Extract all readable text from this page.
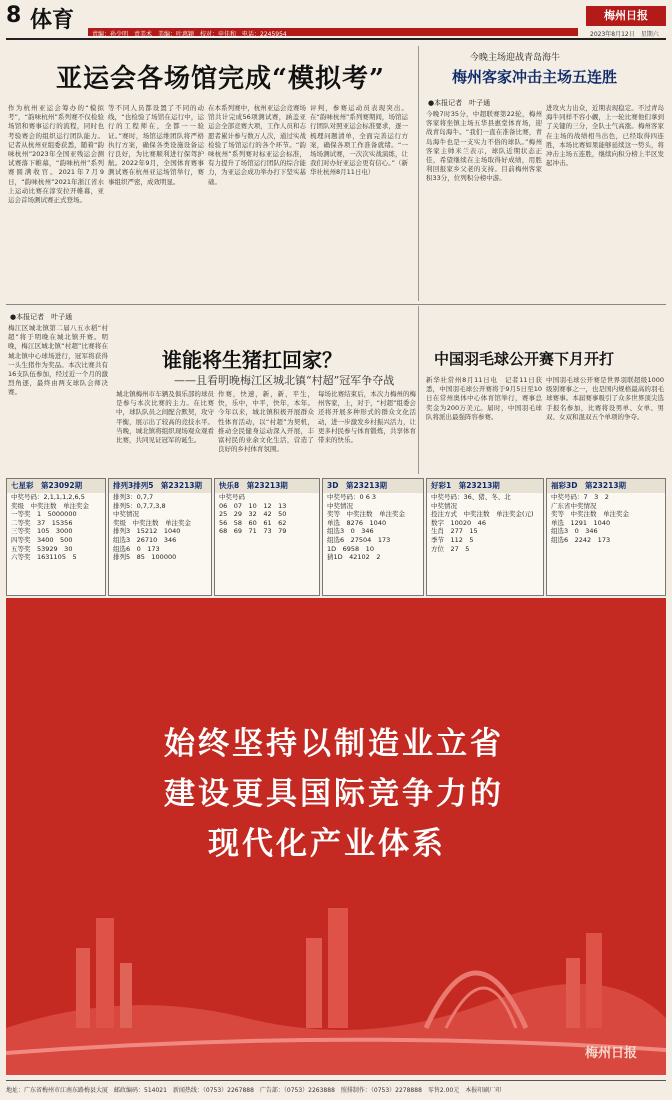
8 体育
责编：孙少明　责美术　美编：叶惠颖　校对：申佳和　电话：2245954
梅州日报
2023年8月12日　星期六
亚运会各场馆完成“模拟考”
作为杭州亚运会筹办的“模拟考”，“韵味杭州”系列赛不仅检验场馆和赛事运行的流程，同时也考验赛会的组织运行团队能力。记者从杭州亚组委获悉，随着“韵味杭州”2023年全国亚残运会测试赛落下帷幕，“韵味杭州”系列赛圆满收官。2021年7月9日，“韵味杭州”2021年浙江省水上运动比赛在淳安拉开帷幕，亚运会首场测试赛正式登场。
等不同人员都设置了不同的动线，“也检验了场馆在运行中，运行的工程师在，全都一一验证。”赛时，场馆运维团队将严格执行方案，确保各类设施设备运行良好，为比赛顺利进行保驾护航。2022年9月，全国体育赛事测试赛在杭州亚运场馆举行，赛事组织严密，成效明显。
在本系列赛中，杭州亚运会竞赛场馆共计完成56项测试赛，涵盖亚运会全部竞赛大项，工作人员和志愿者累计参与数万人次，通过实战检验了场馆运行的各个环节。“韵味杭州”系列赛对标亚运会标准，有力提升了场馆运行团队的综合能力，为亚运会成功举办打下坚实基础。
评判，参赛运动员表现突出。在“韵味杭州”系列赛期间，场馆运行团队对照亚运会标准要求，逐一梳理问题清单，全面完善运行方案，确保各项工作准备就绪。“一场场测试赛，一次次实战演练，让我们对办好亚运会更有信心。”（新华社杭州8月11日电）
今晚主场迎战青岛海牛
梅州客家冲击主场五连胜
●本报记者　叶子通
今晚7时35分，中超联赛第22轮，梅州客家将坐镇主场五华县惠堂体育场，迎战青岛海牛。“我们一直在准备比赛，青岛海牛也是一支实力不俗的球队。”梅州客家主帅米兰表示，球队近期状态正佳，希望继续在主场取得好成绩，用胜利回报家乡父老的支持。目前梅州客家积33分，位列积分榜中游。
进攻火力出众，近期表现稳定。不过青岛海牛同样不容小觑，上一轮比赛他们拿到了关键的三分，全队士气高涨。梅州客家在主场的战绩相当出色，已经取得四连胜，本场比赛如果能够延续这一势头，将冲击主场五连胜，继续向积分榜上半区发起冲击。
●本报记者　叶子通
谁能将生猪扛回家？
——且看明晚梅江区城北镇“村超”冠军争夺战
梅江区城北镇第二届八五水稻“村超”将于明晚在城北镇开赛。明晚，梅江区城北镇“村超”比赛将在城北镇中心球场进行，冠军将获得一头生猪作为奖品。本次比赛共有16支队伍参加，经过近一个月的激烈角逐，最终由两支球队会师决赛。	城北镇梅州市车辆及俱乐部的球员是参与本次比赛的主力。在比赛中，球队队员之间配合默契，攻守平衡，展示出了较高的竞技水平。当晚，城北镇将组织现场观众观看比赛，共同见证冠军的诞生。
作赛，快速，新，新，平生，快，乐中，中平，快年，本年。今年以来，城北镇积极开展群众性体育活动，以“村超”为契机，推动全民健身运动深入开展，丰富村民的业余文化生活，营造了良好的乡村体育氛围。
每场比赛结束后，本次力梅州的梅州客家，上，对于，“村超”组委会还将开展多种形式的群众文化活动，进一步激发乡村振兴活力，让更多村民参与体育锻炼，共享体育带来的快乐。
中国羽毛球公开赛下月开打
新华社常州8月11日电　记者11日获悉，中国羽毛球公开赛将于9月5日至10日在常州奥体中心体育馆举行，赛事总奖金为200万美元。届时，中国羽毛球队将派出最强阵容参赛。
中国羽毛球公开赛是世界羽联超级1000级别赛事之一，也是国内规格最高的羽毛球赛事。本届赛事吸引了众多世界顶尖选手报名参加，比赛将设男单、女单、男双、女双和混双五个单项的争夺。
七星彩　第23092期
中奖号码：2,1,1,1,2,6,5
奖级　中奖注数　单注奖金
一等奖　1　5000000
二等奖　37　15356
三等奖　105　3000
四等奖　3400　500
五等奖　53929　30
六等奖　1631105　5
排列3排列5　第23213期
排列3：0,7,7
排列5：0,7,7,3,8
中奖情况
奖级　中奖注数　单注奖金
排列3　15212　1040
组选3　26710　346
组选6　0　173
排列5　85　100000
快乐8　第23213期
中奖号码
06　07　10　12　13
25　29　32　42　50
56　58　60　61　62
68　69　71　73　79
3D　第23213期
中奖号码：0 6 3
中奖情况
奖等　中奖注数　单注奖金
单选　8276　1040
组选3　0　346
组选6　27504　173
1D　6958　10
猜1D　42102　2
好彩1　第23213期
中奖号码：36、猪、冬、北
中奖情况
投注方式　中奖注数　单注奖金(元)
数字　10020　46
生肖　277　15
季节　112　5
方位　27　5
福彩3D　第23213期
中奖号码：7　3　2
广东省中奖情况
奖等　中奖注数　单注奖金
单选　1291　1040
组选3　0　346
组选6　2242　173
始终坚持以制造业立省
建设更具国际竞争力的
现代化产业体系
梅州日报
地址：广东省梅州市江南东路梅县大厦　邮政编码：514021　新闻热线：（0753）2267888　广告部：（0753）2263888　照排制作：（0753）2278888　零售2.00元　本报印刷厂印
